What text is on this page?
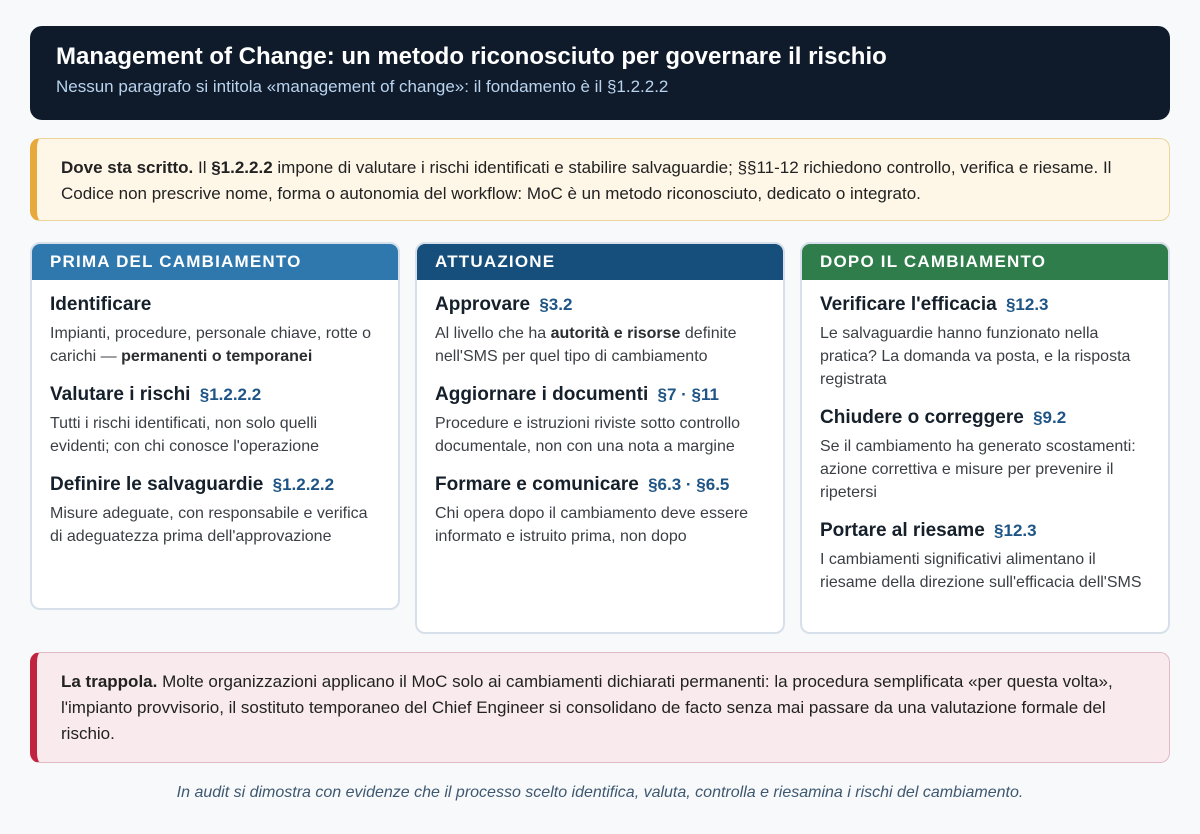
Management of Change: un metodo riconosciuto per governare il rischio
Nessun paragrafo si intitola «management of change»: il fondamento è il §1.2.2.2
Dove sta scritto. Il §1.2.2.2 impone di valutare i rischi identificati e stabilire salvaguardie; §§11-12 richiedono controllo, verifica e riesame. Il Codice non prescrive nome, forma o autonomia del workflow: MoC è un metodo riconosciuto, dedicato o integrato.
PRIMA DEL CAMBIAMENTO
Identificare
Impianti, procedure, personale chiave, rotte o carichi — permanenti o temporanei
Valutare i rischi §1.2.2.2
Tutti i rischi identificati, non solo quelli evidenti; con chi conosce l'operazione
Definire le salvaguardie §1.2.2.2
Misure adeguate, con responsabile e verifica di adeguatezza prima dell'approvazione
ATTUAZIONE
Approvare §3.2
Al livello che ha autorità e risorse definite nell'SMS per quel tipo di cambiamento
Aggiornare i documenti §7 · §11
Procedure e istruzioni riviste sotto controllo documentale, non con una nota a margine
Formare e comunicare §6.3 · §6.5
Chi opera dopo il cambiamento deve essere informato e istruito prima, non dopo
DOPO IL CAMBIAMENTO
Verificare l'efficacia §12.3
Le salvaguardie hanno funzionato nella pratica? La domanda va posta, e la risposta registrata
Chiudere o correggere §9.2
Se il cambiamento ha generato scostamenti: azione correttiva e misure per prevenire il ripetersi
Portare al riesame §12.3
I cambiamenti significativi alimentano il riesame della direzione sull'efficacia dell'SMS
La trappola. Molte organizzazioni applicano il MoC solo ai cambiamenti dichiarati permanenti: la procedura semplificata «per questa volta», l'impianto provvisorio, il sostituto temporaneo del Chief Engineer si consolidano de facto senza mai passare da una valutazione formale del rischio.
In audit si dimostra con evidenze che il processo scelto identifica, valuta, controlla e riesamina i rischi del cambiamento.
